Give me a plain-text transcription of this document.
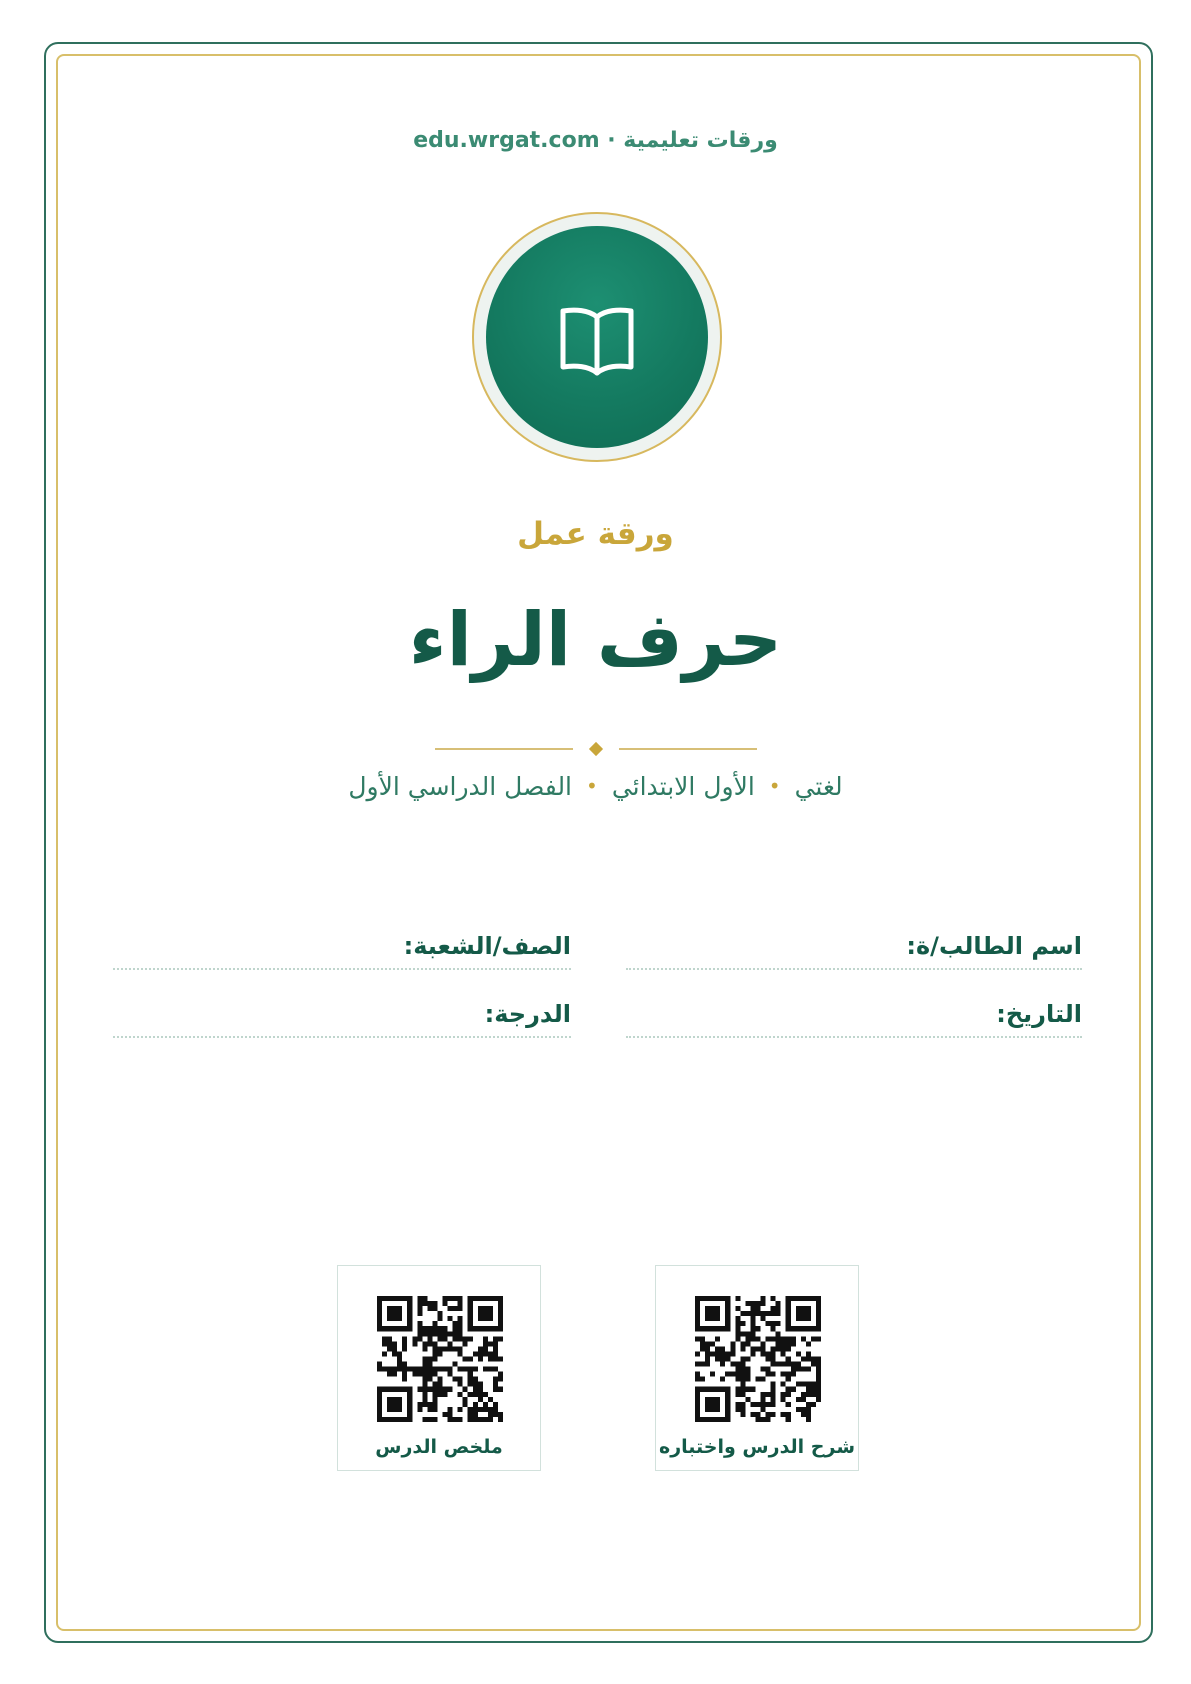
ورقات تعليمية · edu.wrgat.com
ورقة عمل
حرف الراء
لغتي•الأول الابتدائي•الفصل الدراسي الأول
اسم الطالب/ة:
الصف/الشعبة:
التاريخ:
الدرجة:
شرح الدرس واختباره
ملخص الدرس
